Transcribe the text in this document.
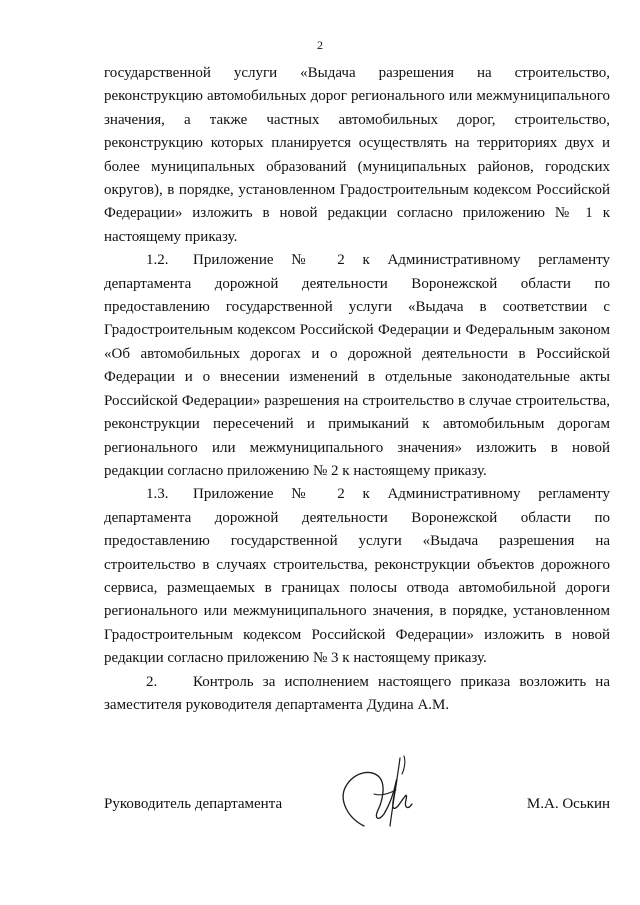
2

государственной услуги «Выдача разрешения на строительство, реконструкцию автомобильных дорог регионального или межмуниципального значения, а также частных автомобильных дорог, строительство, реконструкцию которых планируется осуществлять на территориях двух и более муниципальных образований (муниципальных районов, городских округов), в порядке, установленном Градостроительным кодексом Российской Федерации» изложить в новой редакции согласно приложению № 1 к настоящему приказу.

1.2. Приложение № 2 к Административному регламенту департамента дорожной деятельности Воронежской области по предоставлению государственной услуги «Выдача в соответствии с Градостроительным кодексом Российской Федерации и Федеральным законом «Об автомобильных дорогах и о дорожной деятельности в Российской Федерации и о внесении изменений в отдельные законодательные акты Российской Федерации» разрешения на строительство в случае строительства, реконструкции пересечений и примыканий к автомобильным дорогам регионального или межмуниципального значения» изложить в новой редакции согласно приложению № 2 к настоящему приказу.

1.3. Приложение № 2 к Административному регламенту департамента дорожной деятельности Воронежской области по предоставлению государственной услуги «Выдача разрешения на строительство в случаях строительства, реконструкции объектов дорожного сервиса, размещаемых в границах полосы отвода автомобильной дороги регионального или межмуниципального значения, в порядке, установленном Градостроительным кодексом Российской Федерации» изложить в новой редакции согласно приложению № 3 к настоящему приказу.

2. Контроль за исполнением настоящего приказа возложить на заместителя руководителя департамента Дудина А.М.

Руководитель департамента	М.А. Оськин
